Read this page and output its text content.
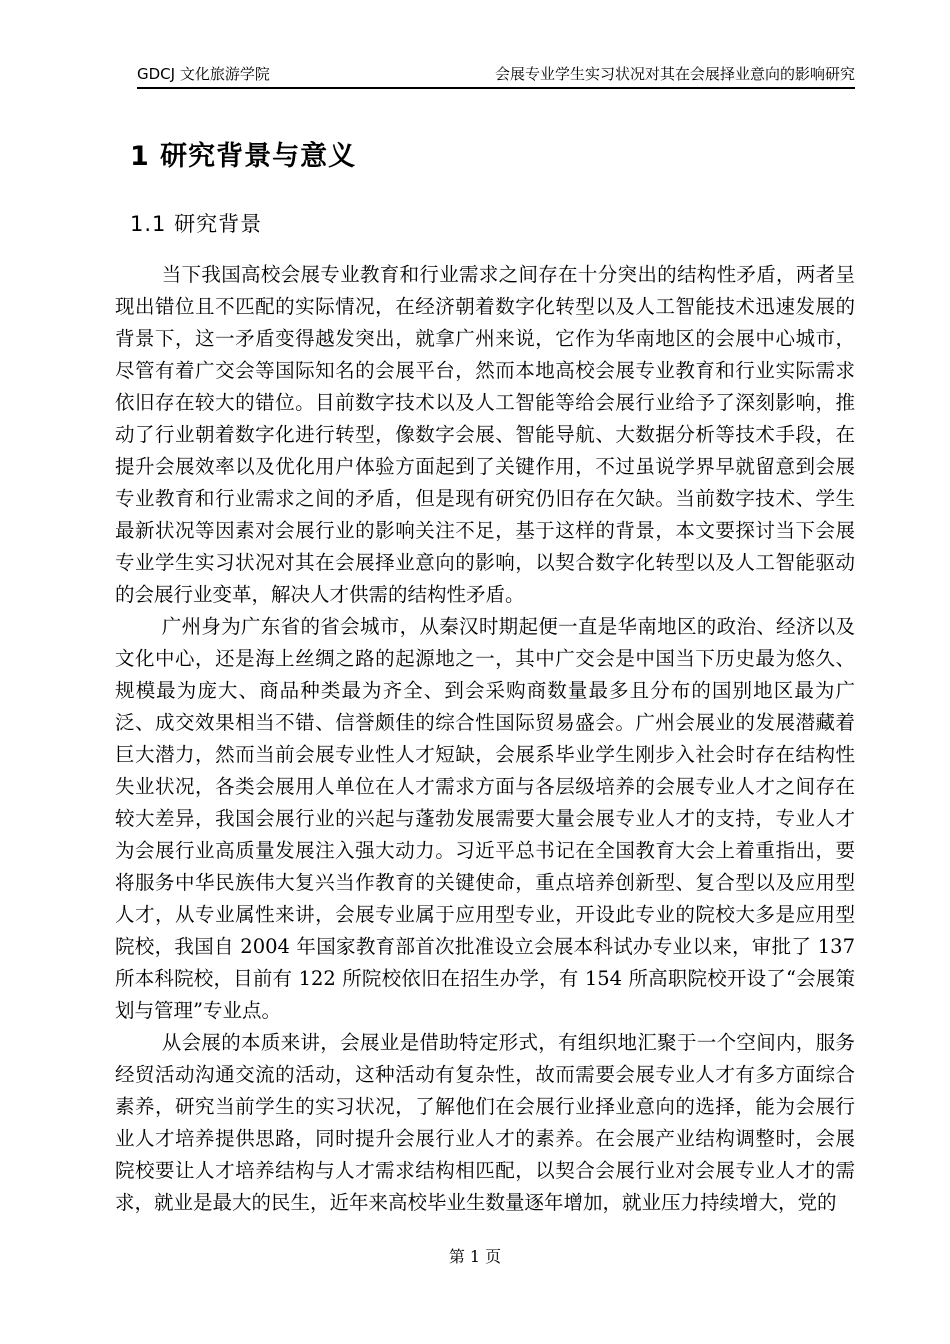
GDCJ 文化旅游学院	会展专业学生实习状况对其在会展择业意向的影响研究
1 研究背景与意义
1.1 研究背景

当下我国高校会展专业教育和行业需求之间存在十分突出的结构性矛盾，两者呈现出错位且不匹配的实际情况，在经济朝着数字化转型以及人工智能技术迅速发展的背景下，这一矛盾变得越发突出，就拿广州来说，它作为华南地区的会展中心城市，尽管有着广交会等国际知名的会展平台，然而本地高校会展专业教育和行业实际需求依旧存在较大的错位。目前数字技术以及人工智能等给会展行业给予了深刻影响，推动了行业朝着数字化进行转型，像数字会展、智能导航、大数据分析等技术手段，在提升会展效率以及优化用户体验方面起到了关键作用，不过虽说学界早就留意到会展专业教育和行业需求之间的矛盾，但是现有研究仍旧存在欠缺。当前数字技术、学生最新状况等因素对会展行业的影响关注不足，基于这样的背景，本文要探讨当下会展专业学生实习状况对其在会展择业意向的影响，以契合数字化转型以及人工智能驱动的会展行业变革，解决人才供需的结构性矛盾。

广州身为广东省的省会城市，从秦汉时期起便一直是华南地区的政治、经济以及文化中心，还是海上丝绸之路的起源地之一，其中广交会是中国当下历史最为悠久、规模最为庞大、商品种类最为齐全、到会采购商数量最多且分布的国别地区最为广泛、成交效果相当不错、信誉颇佳的综合性国际贸易盛会。广州会展业的发展潜藏着巨大潜力，然而当前会展专业性人才短缺，会展系毕业学生刚步入社会时存在结构性失业状况，各类会展用人单位在人才需求方面与各层级培养的会展专业人才之间存在较大差异，我国会展行业的兴起与蓬勃发展需要大量会展专业人才的支持，专业人才为会展行业高质量发展注入强大动力。习近平总书记在全国教育大会上着重指出，要将服务中华民族伟大复兴当作教育的关键使命，重点培养创新型、复合型以及应用型人才，从专业属性来讲，会展专业属于应用型专业，开设此专业的院校大多是应用型院校，我国自 2004 年国家教育部首次批准设立会展本科试办专业以来，审批了 137 所本科院校，目前有 122 所院校依旧在招生办学，有 154 所高职院校开设了“会展策划与管理”专业点。

从会展的本质来讲，会展业是借助特定形式，有组织地汇聚于一个空间内，服务经贸活动沟通交流的活动，这种活动有复杂性，故而需要会展专业人才有多方面综合素养，研究当前学生的实习状况，了解他们在会展行业择业意向的选择，能为会展行业人才培养提供思路，同时提升会展行业人才的素养。在会展产业结构调整时，会展院校要让人才培养结构与人才需求结构相匹配，以契合会展行业对会展专业人才的需求，就业是最大的民生，近年来高校毕业生数量逐年增加，就业压力持续增大，党的

第 1 页
